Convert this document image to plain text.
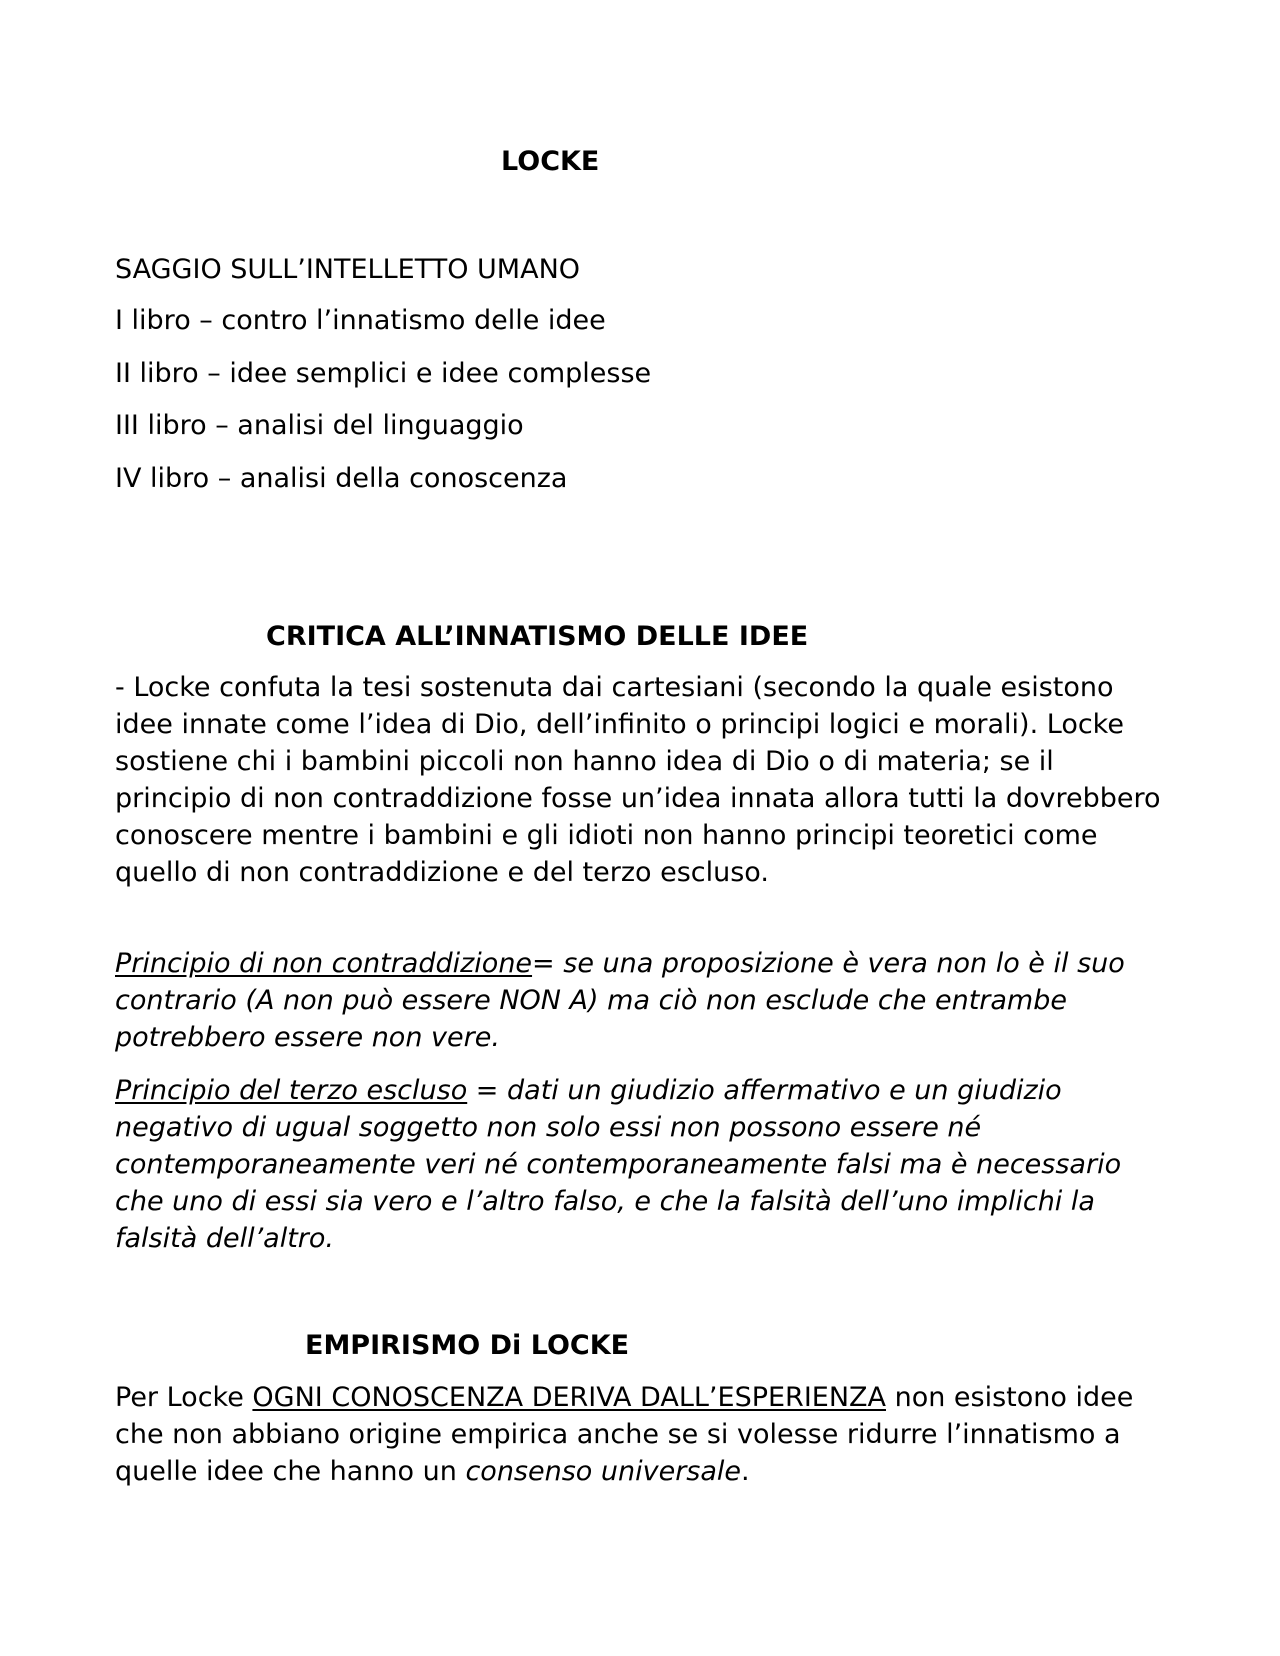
LOCKE
SAGGIO SULL’INTELLETTO UMANO
I libro – contro l’innatismo delle idee
II libro – idee semplici e idee complesse
III libro – analisi del linguaggio
IV libro – analisi della conoscenza
CRITICA ALL’INNATISMO DELLE IDEE

- Locke confuta la tesi sostenuta dai cartesiani (secondo la quale esistono idee innate come l’idea di Dio, dell’infinito o principi logici e morali). Locke sostiene chi i bambini piccoli non hanno idea di Dio o di materia; se il principio di non contraddizione fosse un’idea innata allora tutti la dovrebbero conoscere mentre i bambini e gli idioti non hanno principi teoretici come quello di non contraddizione e del terzo escluso.

Principio di non contraddizione= se una proposizione è vera non lo è il suo contrario (A non può essere NON A) ma ciò non esclude che entrambe potrebbero essere non vere.

Principio del terzo escluso = dati un giudizio affermativo e un giudizio negativo di ugual soggetto non solo essi non possono essere né contemporaneamente veri né contemporaneamente falsi ma è necessario che uno di essi sia vero e l’altro falso, e che la falsità dell’uno implichi la falsità dell’altro.

EMPIRISMO Di LOCKE

Per Locke OGNI CONOSCENZA DERIVA DALL’ESPERIENZA non esistono idee che non abbiano origine empirica anche se si volesse ridurre l’innatismo a quelle idee che hanno un consenso universale.
